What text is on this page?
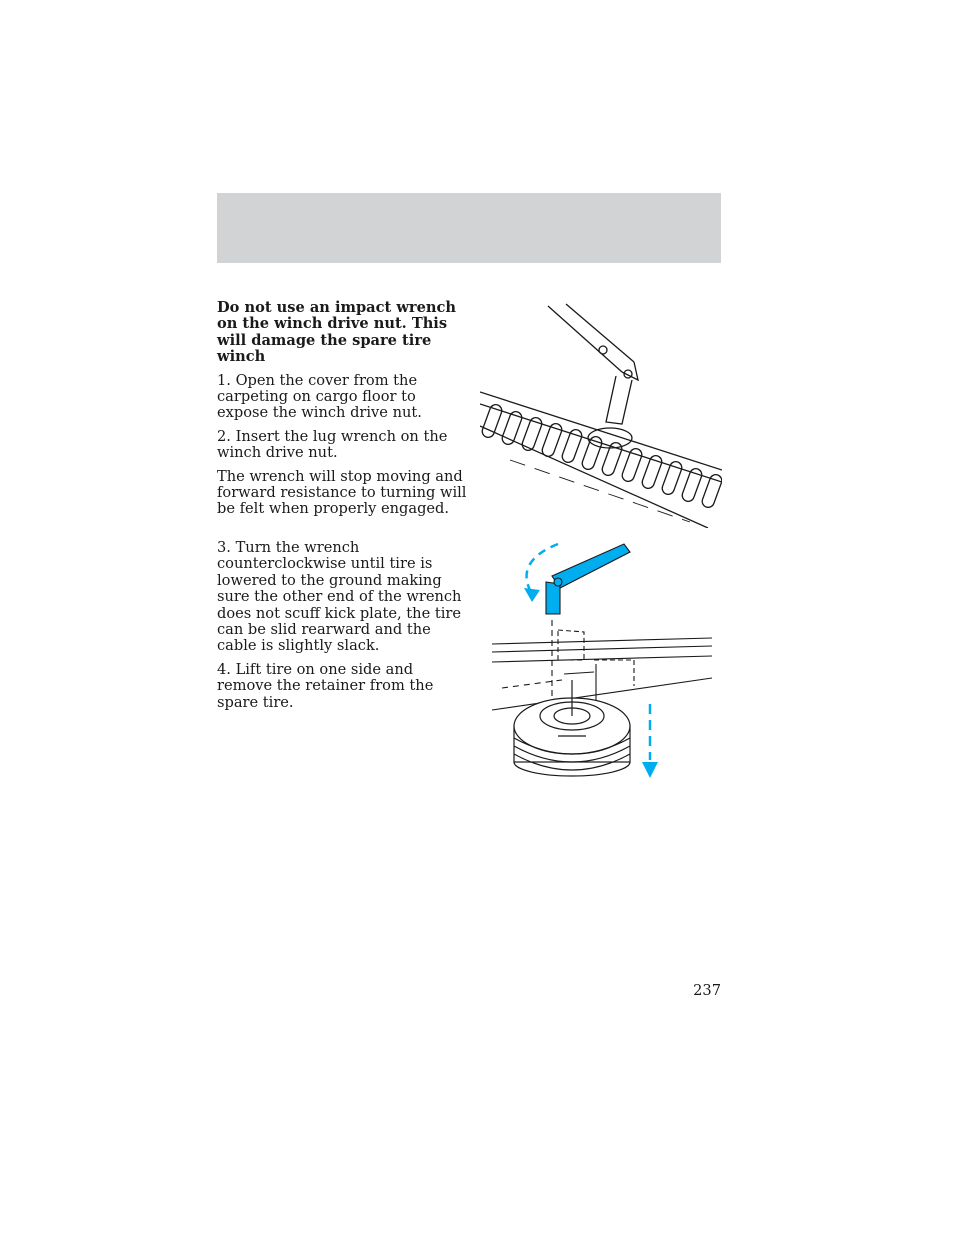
Do not use an impact wrench on the winch drive nut. This will damage the spare tire winch

1. Open the cover from the carpeting on cargo floor to expose the winch drive nut.

2. Insert the lug wrench on the winch drive nut.

The wrench will stop moving and forward resistance to turning will be felt when properly engaged.

3. Turn the wrench counterclockwise until tire is lowered to the ground making sure the other end of the wrench does not scuff kick plate, the tire can be slid rearward and the cable is slightly slack.

4. Lift tire on one side and remove the retainer from the spare tire.

237
